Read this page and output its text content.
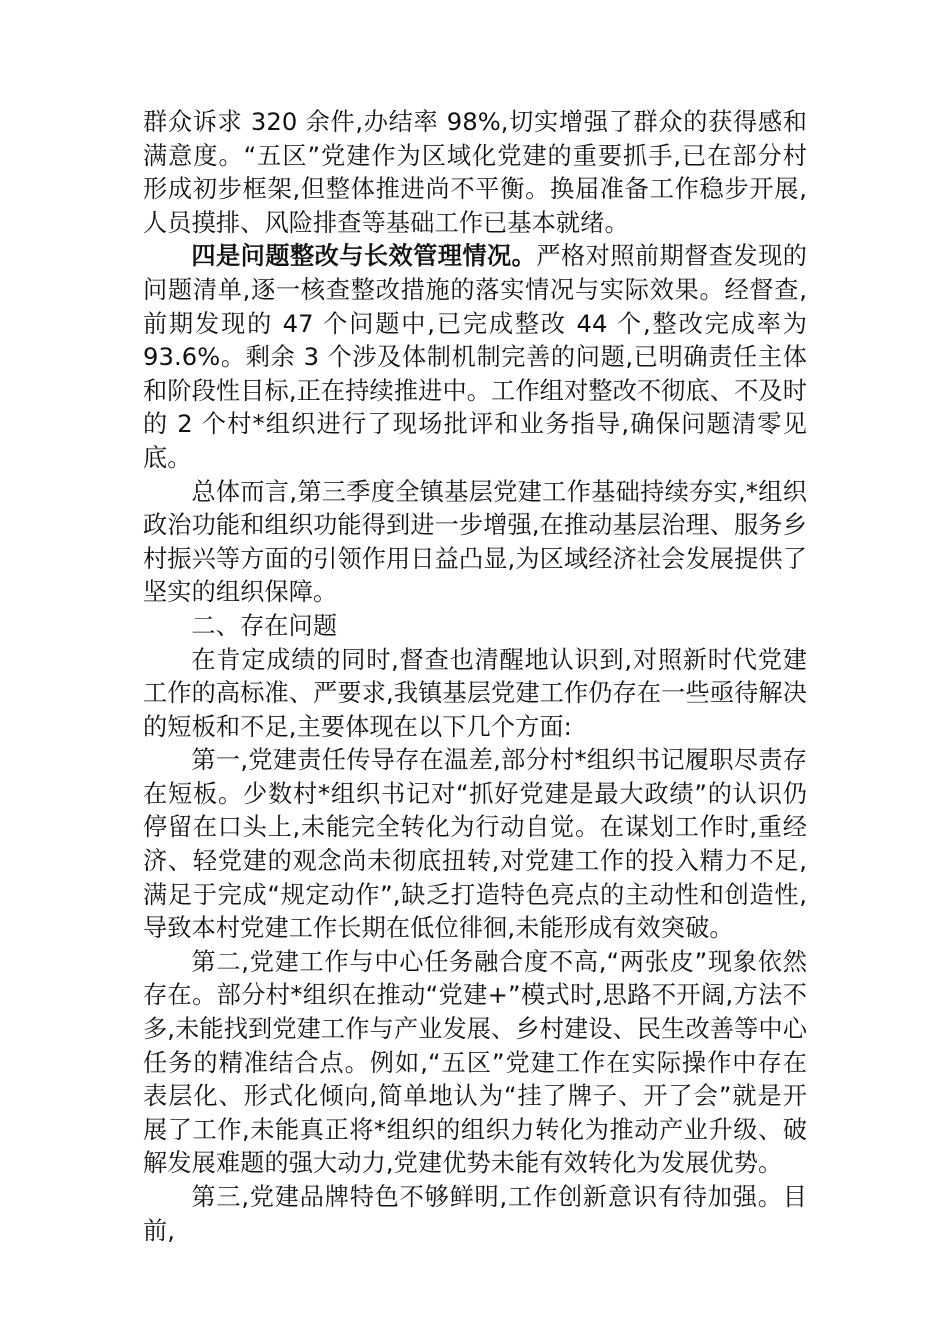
群众诉求 320 余件,办结率 98%,切实增强了群众的获得感和满意度。“五区”党建作为区域化党建的重要抓手,已在部分村形成初步框架,但整体推进尚不平衡。换届准备工作稳步开展,人员摸排、风险排查等基础工作已基本就绪。

四是问题整改与长效管理情况。严格对照前期督查发现的问题清单,逐一核查整改措施的落实情况与实际效果。经督查,前期发现的 47 个问题中,已完成整改 44 个,整改完成率为 93.6%。剩余 3 个涉及体制机制完善的问题,已明确责任主体和阶段性目标,正在持续推进中。工作组对整改不彻底、不及时的 2 个村*组织进行了现场批评和业务指导,确保问题清零见底。

总体而言,第三季度全镇基层党建工作基础持续夯实,*组织政治功能和组织功能得到进一步增强,在推动基层治理、服务乡村振兴等方面的引领作用日益凸显,为区域经济社会发展提供了坚实的组织保障。

二、存在问题

在肯定成绩的同时,督查也清醒地认识到,对照新时代党建工作的高标准、严要求,我镇基层党建工作仍存在一些亟待解决的短板和不足,主要体现在以下几个方面:

第一,党建责任传导存在温差,部分村*组织书记履职尽责存在短板。少数村*组织书记对“抓好党建是最大政绩”的认识仍停留在口头上,未能完全转化为行动自觉。在谋划工作时,重经济、轻党建的观念尚未彻底扭转,对党建工作的投入精力不足,满足于完成“规定动作”,缺乏打造特色亮点的主动性和创造性,导致本村党建工作长期在低位徘徊,未能形成有效突破。

第二,党建工作与中心任务融合度不高,“两张皮”现象依然存在。部分村*组织在推动“党建+”模式时,思路不开阔,方法不多,未能找到党建工作与产业发展、乡村建设、民生改善等中心任务的精准结合点。例如,“五区”党建工作在实际操作中存在表层化、形式化倾向,简单地认为“挂了牌子、开了会”就是开展了工作,未能真正将*组织的组织力转化为推动产业升级、破解发展难题的强大动力,党建优势未能有效转化为发展优势。

第三,党建品牌特色不够鲜明,工作创新意识有待加强。目前,
